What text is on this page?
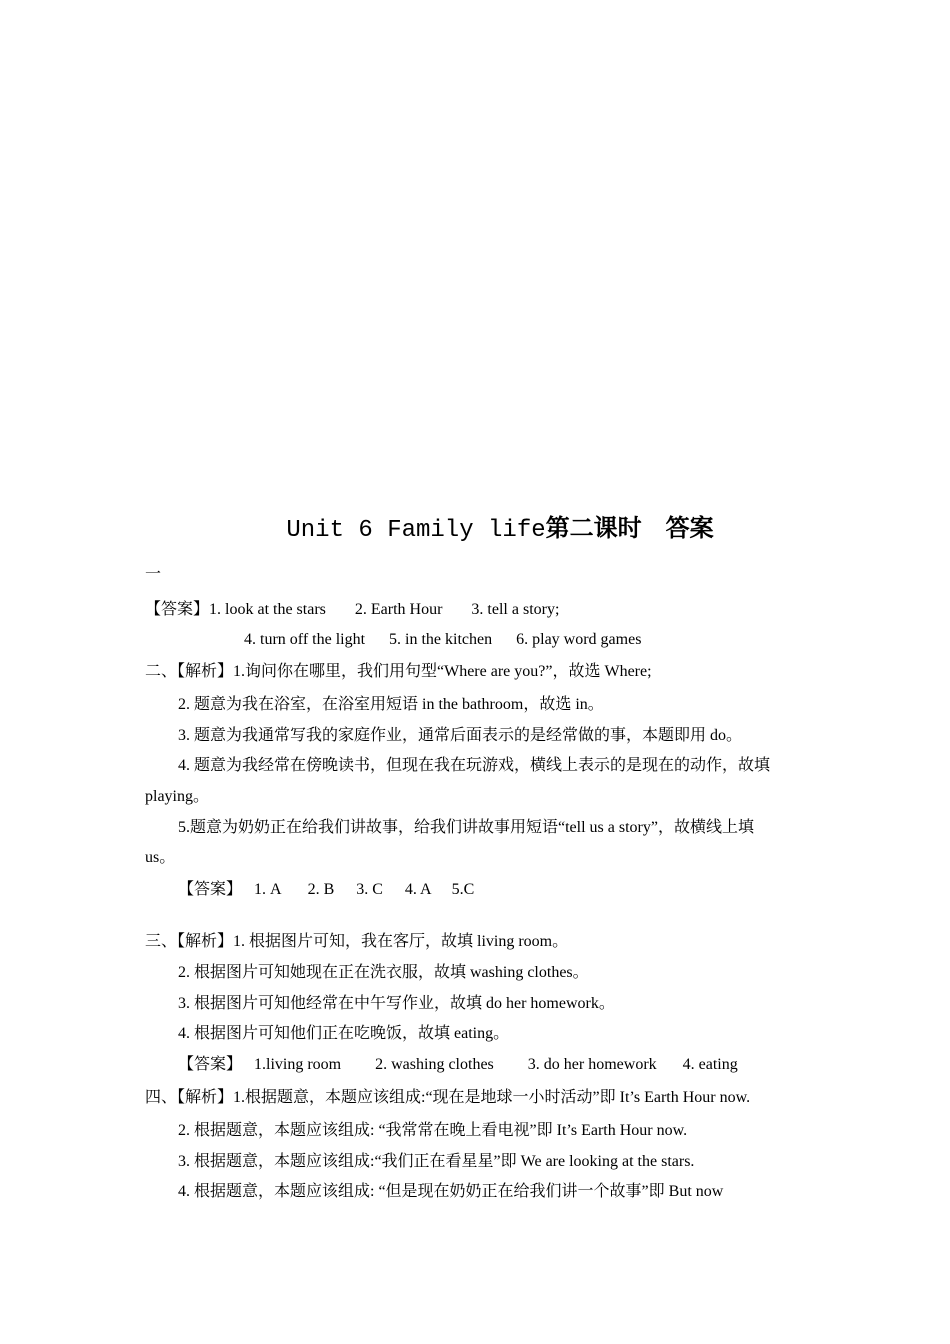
Unit 6 Family life第二课时 答案
一
【答案】1. look at the stars 2. Earth Hour 3. tell a story;
4. turn off the light 5. in the kitchen 6. play word games
二、【解析】1.询问你在哪里，我们用句型“Where are you?”，故选 Where;
2. 题意为我在浴室，在浴室用短语 in the bathroom，故选 in。
3. 题意为我通常写我的家庭作业，通常后面表示的是经常做的事，本题即用 do。
4. 题意为我经常在傍晚读书，但现在我在玩游戏，横线上表示的是现在的动作，故填
playing。
5.题意为奶奶正在给我们讲故事，给我们讲故事用短语“tell us a story”，故横线上填
us。
【答案】 1. A 2. B 3. C 4. A 5.C
三、【解析】1. 根据图片可知，我在客厅，故填 living room。
2. 根据图片可知她现在正在洗衣服，故填 washing clothes。
3. 根据图片可知他经常在中午写作业，故填 do her homework。
4. 根据图片可知他们正在吃晚饭，故填 eating。
【答案】 1.living room 2. washing clothes 3. do her homework 4. eating
四、【解析】1.根据题意，本题应该组成:“现在是地球一小时活动”即 It’s Earth Hour now.
2. 根据题意，本题应该组成: “我常常在晚上看电视”即 It’s Earth Hour now.
3. 根据题意，本题应该组成:“我们正在看星星”即 We are looking at the stars.
4. 根据题意，本题应该组成: “但是现在奶奶正在给我们讲一个故事”即 But now
